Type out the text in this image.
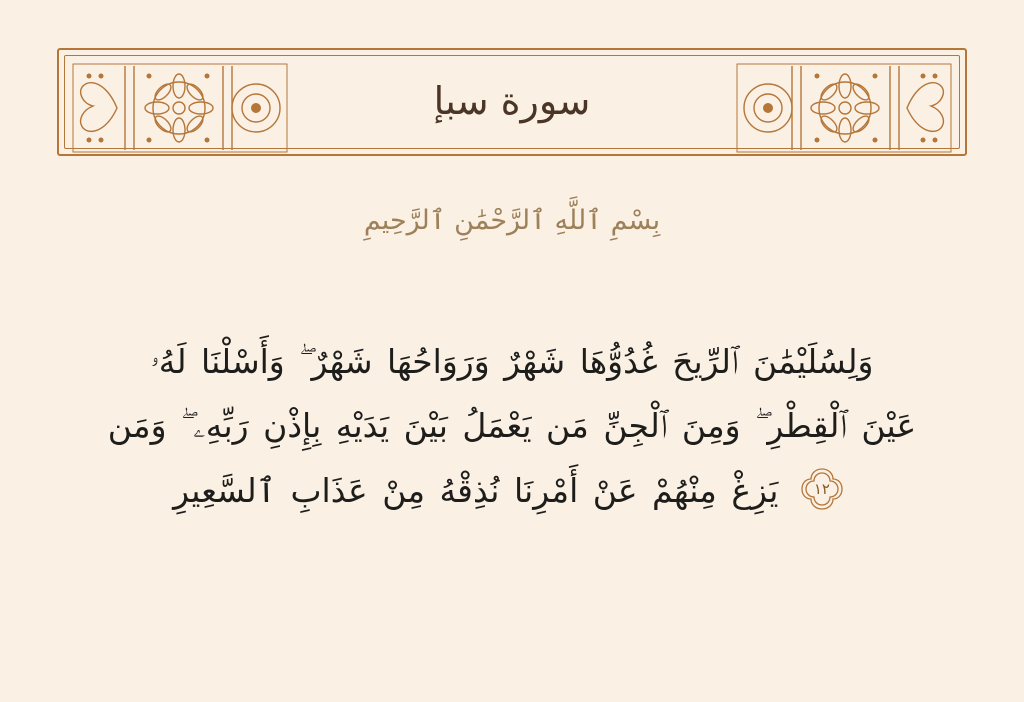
سورة سبإ
بِسْمِ ٱللَّهِ ٱلرَّحْمَٰنِ ٱلرَّحِيمِ
وَلِسُلَيْمَٰنَ ٱلرِّيحَ غُدُوُّهَا شَهْرٌ وَرَوَاحُهَا شَهْرٌ ۖ وَأَسْلْنَا لَهُۥ
عَيْنَ ٱلْقِطْرِ ۖ وَمِنَ ٱلْجِنِّ مَن يَعْمَلُ بَيْنَ يَدَيْهِ بِإِذْنِ رَبِّهِۦ ۖ وَمَن
١٢
يَزِغْ مِنْهُمْ عَنْ أَمْرِنَا نُذِقْهُ مِنْ عَذَابِ ٱلسَّعِيرِ
